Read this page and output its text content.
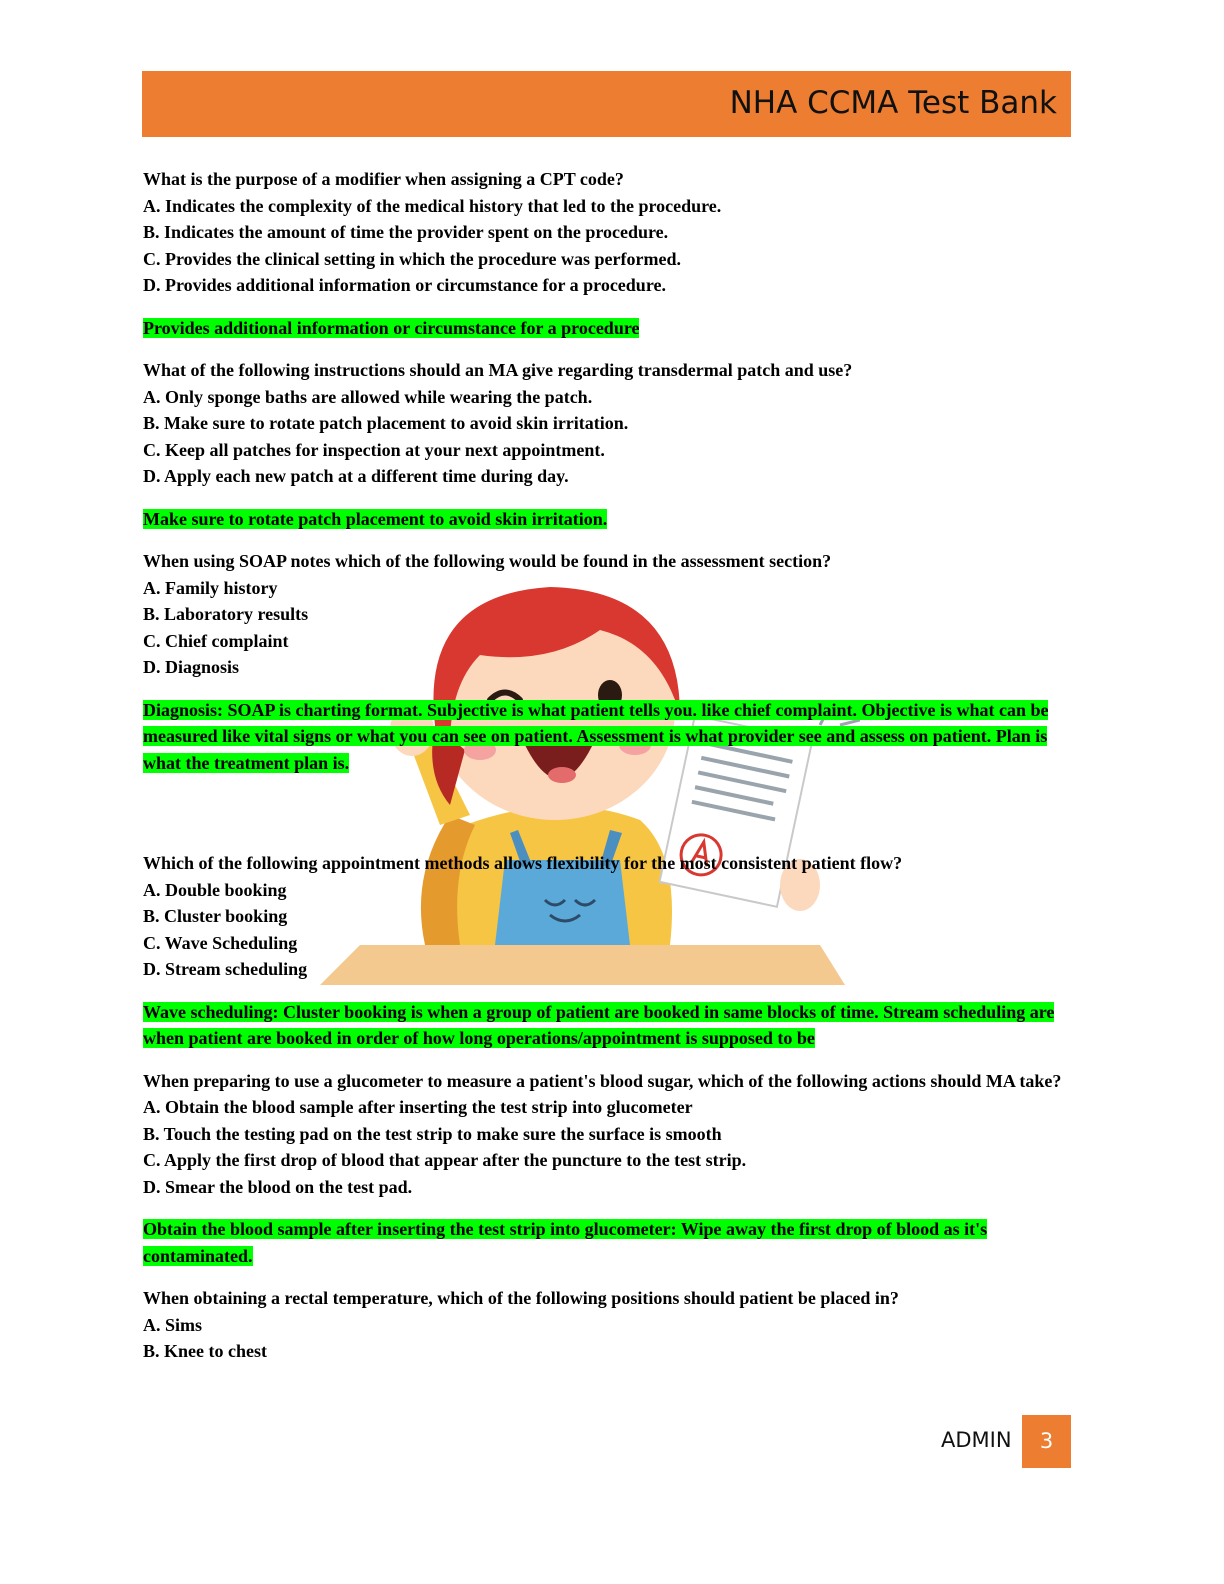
NHA CCMA Test Bank

What is the purpose of a modifier when assigning a CPT code?

A. Indicates the complexity of the medical history that led to the procedure.
B. Indicates the amount of time the provider spent on the procedure.
C. Provides the clinical setting in which the procedure was performed.
D. Provides additional information or circumstance for a procedure.

Provides additional information or circumstance for a procedure

What of the following instructions should an MA give regarding transdermal patch and use?

A. Only sponge baths are allowed while wearing the patch.
B. Make sure to rotate patch placement to avoid skin irritation.
C. Keep all patches for inspection at your next appointment.
D. Apply each new patch at a different time during day.

Make sure to rotate patch placement to avoid skin irritation.

When using SOAP notes which of the following would be found in the assessment section?

A. Family history
B. Laboratory results
C. Chief complaint
D. Diagnosis

Diagnosis: SOAP is charting format. Subjective is what patient tells you. like chief complaint. Objective is what can be measured like vital signs or what you can see on patient. Assessment is what provider see and assess on patient. Plan is what the treatment plan is.

Which of the following appointment methods allows flexibility for the most consistent patient flow?

A. Double booking
B. Cluster booking
C. Wave Scheduling
D. Stream scheduling

Wave scheduling: Cluster booking is when a group of patient are booked in same blocks of time. Stream scheduling are when patient are booked in order of how long operations/appointment is supposed to be

When preparing to use a glucometer to measure a patient's blood sugar, which of the following actions should MA take?

A. Obtain the blood sample after inserting the test strip into glucometer
B. Touch the testing pad on the test strip to make sure the surface is smooth
C. Apply the first drop of blood that appear after the puncture to the test strip.
D. Smear the blood on the test pad.

Obtain the blood sample after inserting the test strip into glucometer: Wipe away the first drop of blood as it's contaminated.

When obtaining a rectal temperature, which of the following positions should patient be placed in?

A. Sims
B. Knee to chest
ADMIN	3
